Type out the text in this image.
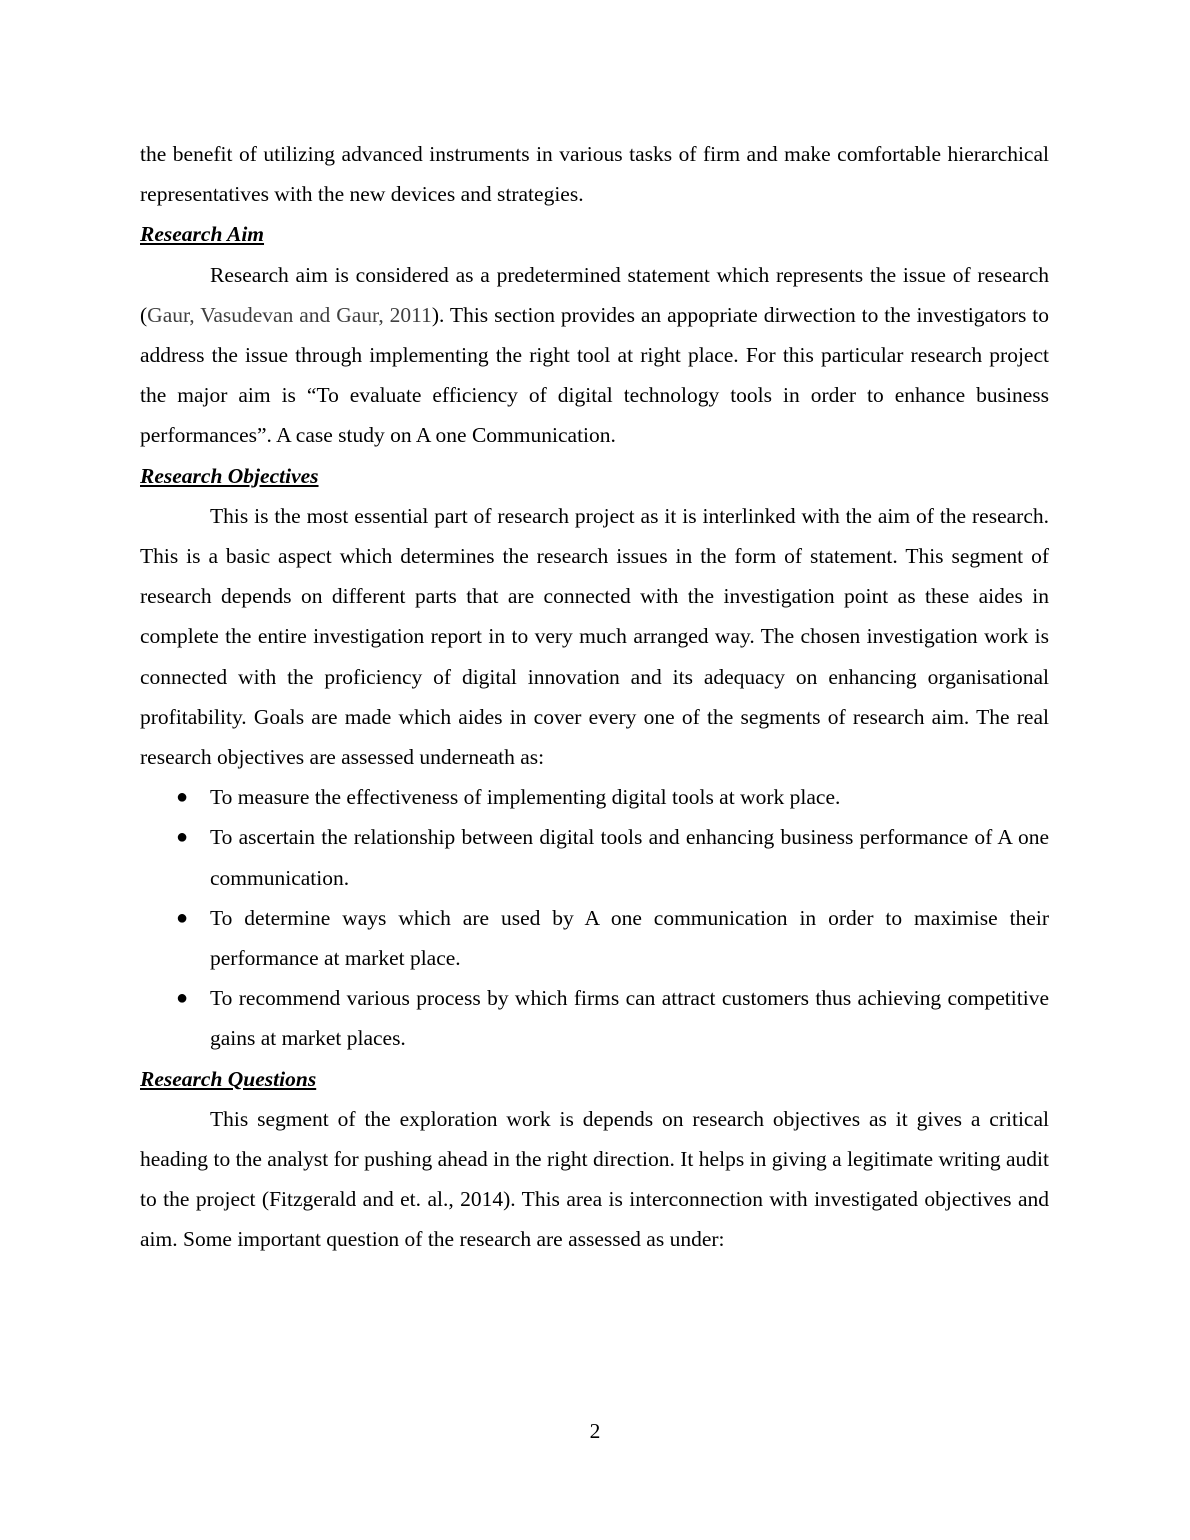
the benefit of utilizing advanced instruments in various tasks of firm and make comfortable hierarchical representatives with the new devices and strategies.

Research Aim

Research aim is considered as a predetermined statement which represents the issue of research (Gaur, Vasudevan and Gaur, 2011). This section provides an appopriate dirwection to the investigators to address the issue through implementing the right tool at right place. For this particular research project the major aim is “To evaluate efficiency of digital technology tools in order to enhance business performances”. A case study on A one Communication.

Research Objectives

This is the most essential part of research project as it is interlinked with the aim of the research. This is a basic aspect which determines the research issues in the form of statement. This segment of research depends on different parts that are connected with the investigation point as these aides in complete the entire investigation report in to very much arranged way. The chosen investigation work is connected with the proficiency of digital innovation and its adequacy on enhancing organisational profitability. Goals are made which aides in cover every one of the segments of research aim. The real research objectives are assessed underneath as:

● To measure the effectiveness of implementing digital tools at work place.
● To ascertain the relationship between digital tools and enhancing business performance of A one communication.
● To determine ways which are used by A one communication in order to maximise their performance at market place.
● To recommend various process by which firms can attract customers thus achieving competitive gains at market places.
Research Questions

This segment of the exploration work is depends on research objectives as it gives a critical heading to the analyst for pushing ahead in the right direction. It helps in giving a legitimate writing audit to the project (Fitzgerald and et. al., 2014). This area is interconnection with investigated objectives and aim. Some important question of the research are assessed as under:

2
